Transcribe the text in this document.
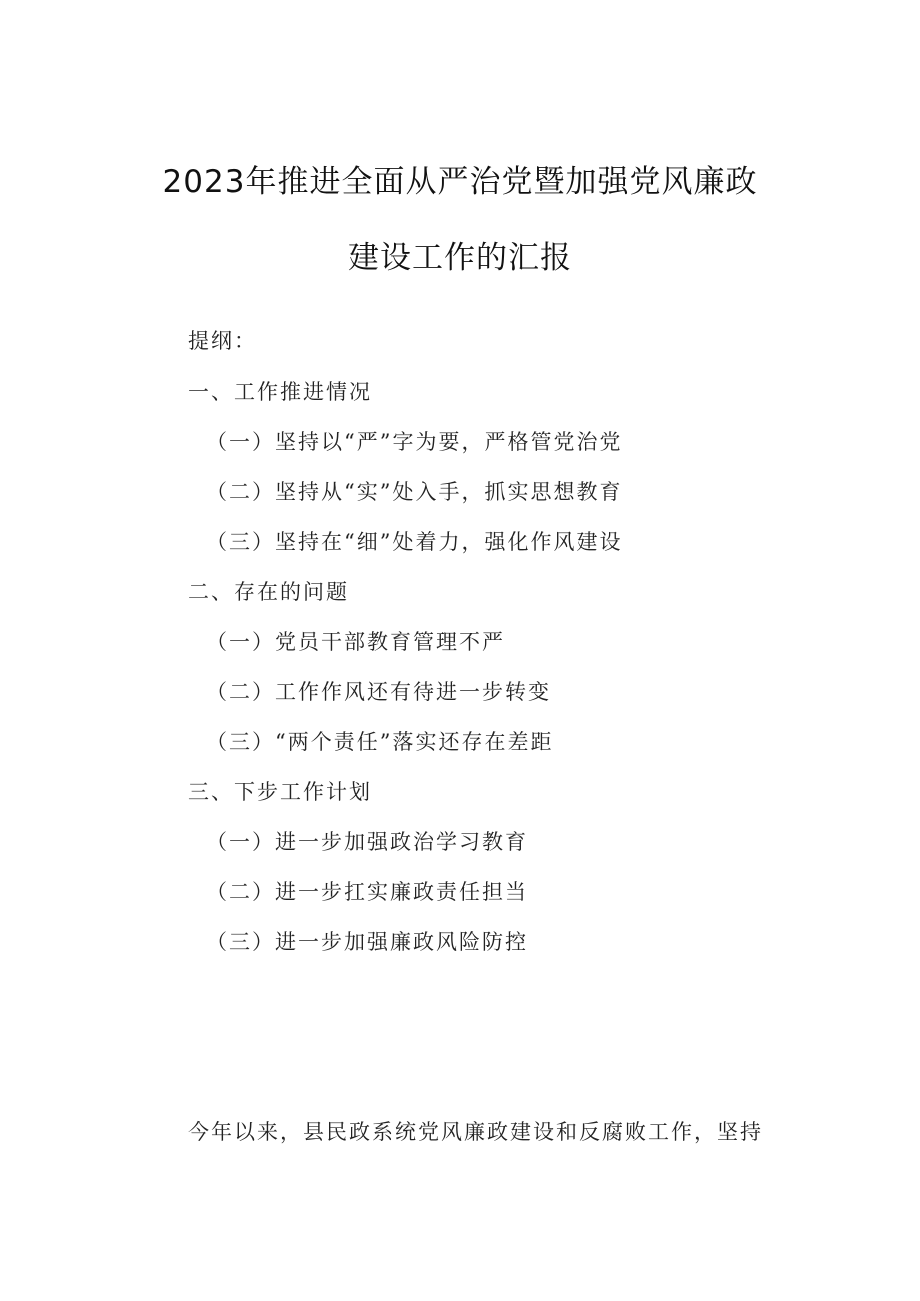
2023年推进全面从严治党暨加强党风廉政
建设工作的汇报
提纲：
一、工作推进情况
（一）坚持以“严”字为要，严格管党治党
（二）坚持从“实”处入手，抓实思想教育
（三）坚持在“细”处着力，强化作风建设
二、存在的问题
（一）党员干部教育管理不严
（二）工作作风还有待进一步转变
（三）“两个责任”落实还存在差距
三、下步工作计划
（一）进一步加强政治学习教育
（二）进一步扛实廉政责任担当
（三）进一步加强廉政风险防控
今年以来，县民政系统党风廉政建设和反腐败工作，坚持
